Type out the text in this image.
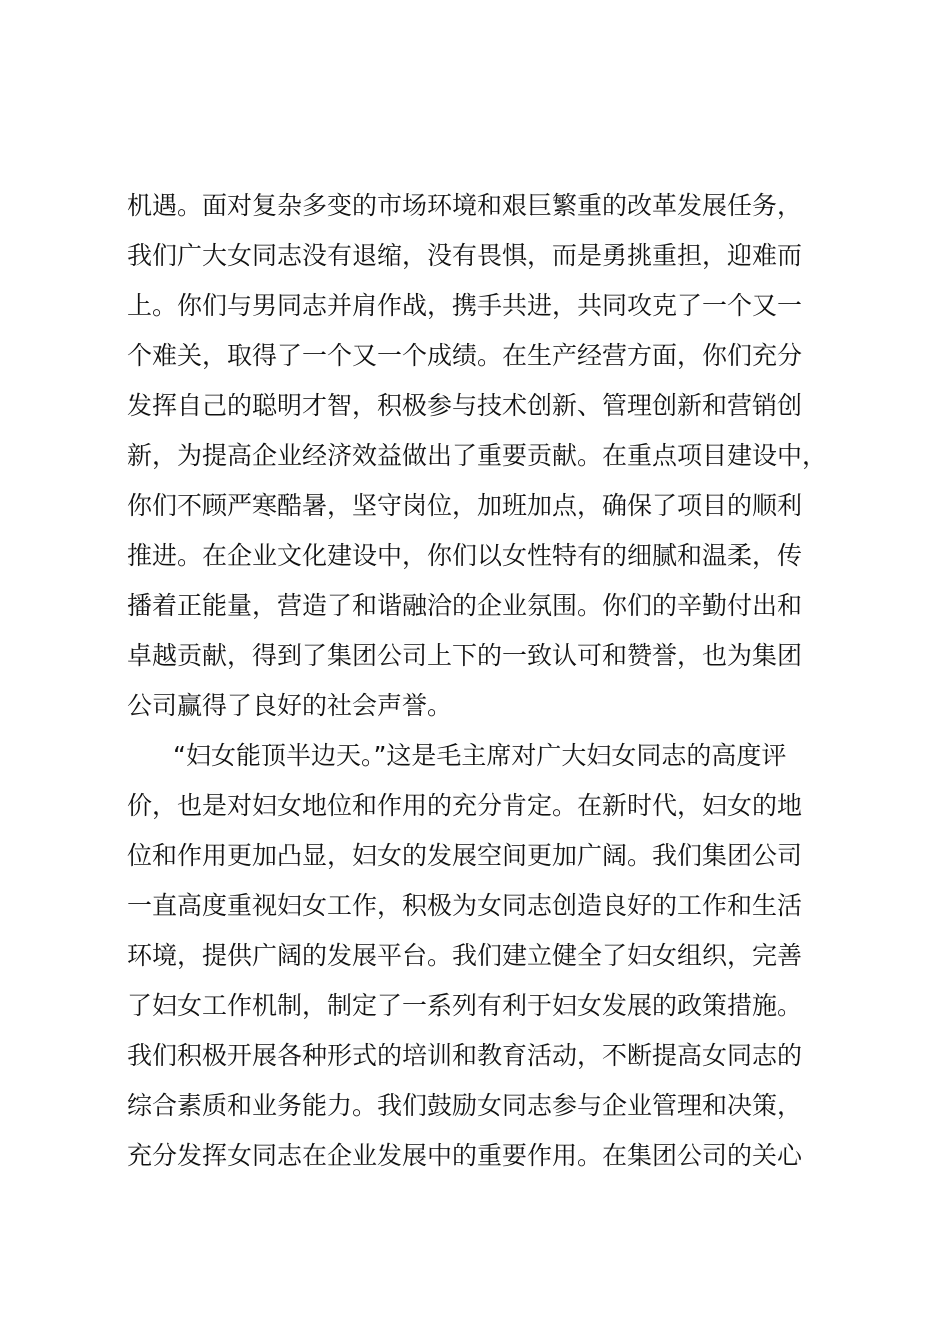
机遇。面对复杂多变的市场环境和艰巨繁重的改革发展任务，
我们广大女同志没有退缩，没有畏惧，而是勇挑重担，迎难而
上。你们与男同志并肩作战，携手共进，共同攻克了一个又一
个难关，取得了一个又一个成绩。在生产经营方面，你们充分
发挥自己的聪明才智，积极参与技术创新、管理创新和营销创
新，为提高企业经济效益做出了重要贡献。在重点项目建设中，
你们不顾严寒酷暑，坚守岗位，加班加点，确保了项目的顺利
推进。在企业文化建设中，你们以女性特有的细腻和温柔，传
播着正能量，营造了和谐融洽的企业氛围。你们的辛勤付出和
卓越贡献，得到了集团公司上下的一致认可和赞誉，也为集团
公司赢得了良好的社会声誉。
“妇女能顶半边天。”这是毛主席对广大妇女同志的高度评
价，也是对妇女地位和作用的充分肯定。在新时代，妇女的地
位和作用更加凸显，妇女的发展空间更加广阔。我们集团公司
一直高度重视妇女工作，积极为女同志创造良好的工作和生活
环境，提供广阔的发展平台。我们建立健全了妇女组织，完善
了妇女工作机制，制定了一系列有利于妇女发展的政策措施。
我们积极开展各种形式的培训和教育活动，不断提高女同志的
综合素质和业务能力。我们鼓励女同志参与企业管理和决策，
充分发挥女同志在企业发展中的重要作用。在集团公司的关心
